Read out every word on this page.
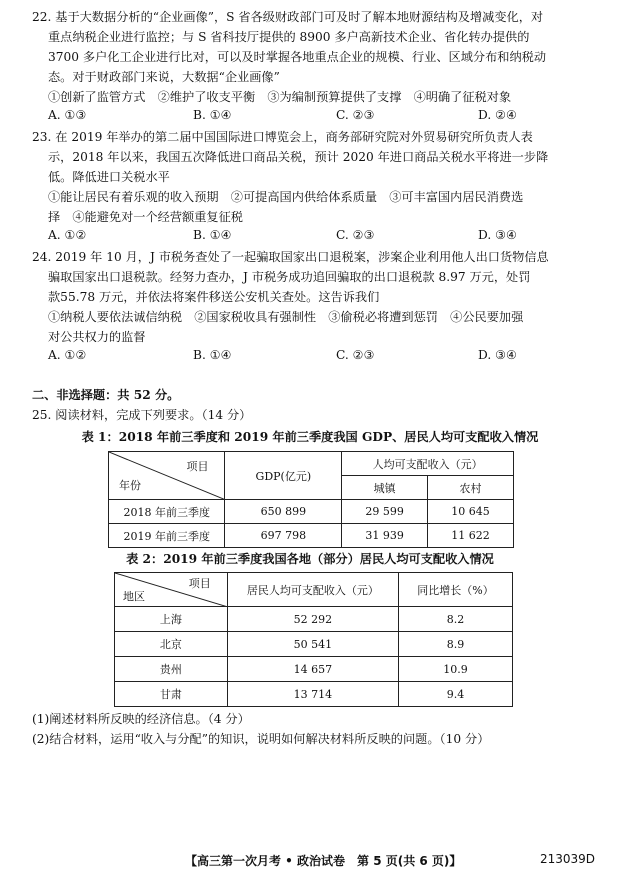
22. 基于大数据分析的“企业画像”，S 省各级财政部门可及时了解本地财源结构及增减变化，对
重点纳税企业进行监控；与 S 省科技厅提供的 8900 多户高新技术企业、省化转办提供的
3700 多户化工企业进行比对，可以及时掌握各地重点企业的规模、行业、区域分布和纳税动
态。对于财政部门来说，大数据“企业画像”
①创新了监管方式　②维护了收支平衡　③为编制预算提供了支撑　④明确了征税对象
A. ①③	B. ①④	C. ②③	D. ②④
23. 在 2019 年举办的第二届中国国际进口博览会上，商务部研究院对外贸易研究所负责人表
示，2018 年以来，我国五次降低进口商品关税，预计 2020 年进口商品关税水平将进一步降
低。降低进口关税水平
①能让居民有着乐观的收入预期　②可提高国内供给体系质量　③可丰富国内居民消费选
择　④能避免对一个经营额重复征税
A. ①②	B. ①④	C. ②③	D. ③④
24. 2019 年 10 月，J 市税务查处了一起骗取国家出口退税案，涉案企业利用他人出口货物信息
骗取国家出口退税款。经努力查办，J 市税务成功追回骗取的出口退税款 8.97 万元，处罚
款55.78 万元，并依法将案件移送公安机关查处。这告诉我们
①纳税人要依法诚信纳税　②国家税收具有强制性　③偷税必将遭到惩罚　④公民要加强
对公共权力的监督
A. ①②	B. ①④	C. ②③	D. ③④
二、非选择题：共 52 分。
25. 阅读材料，完成下列要求。（14 分）
表 1：2018 年前三季度和 2019 年前三季度我国 GDP、居民人均可支配收入情况
项目
年份	GDP(亿元)	人均可支配收入（元）	
		城镇	农村
2018 年前三季度	650 899	29 599	10 645
2019 年前三季度	697 798	31 939	11 622
表 2：2019 年前三季度我国各地（部分）居民人均可支配收入情况
项目
地区	居民人均可支配收入（元）	同比增长（%）
上海	52 292	8.2
北京	50 541	8.9
贵州	14 657	10.9
甘肃	13 714	9.4
(1)阐述材料所反映的经济信息。（4 分）
(2)结合材料，运用“收入与分配”的知识，说明如何解决材料所反映的问题。（10 分）
【高三第一次月考 • 政治试卷　第 5 页(共 6 页)】	213039D
